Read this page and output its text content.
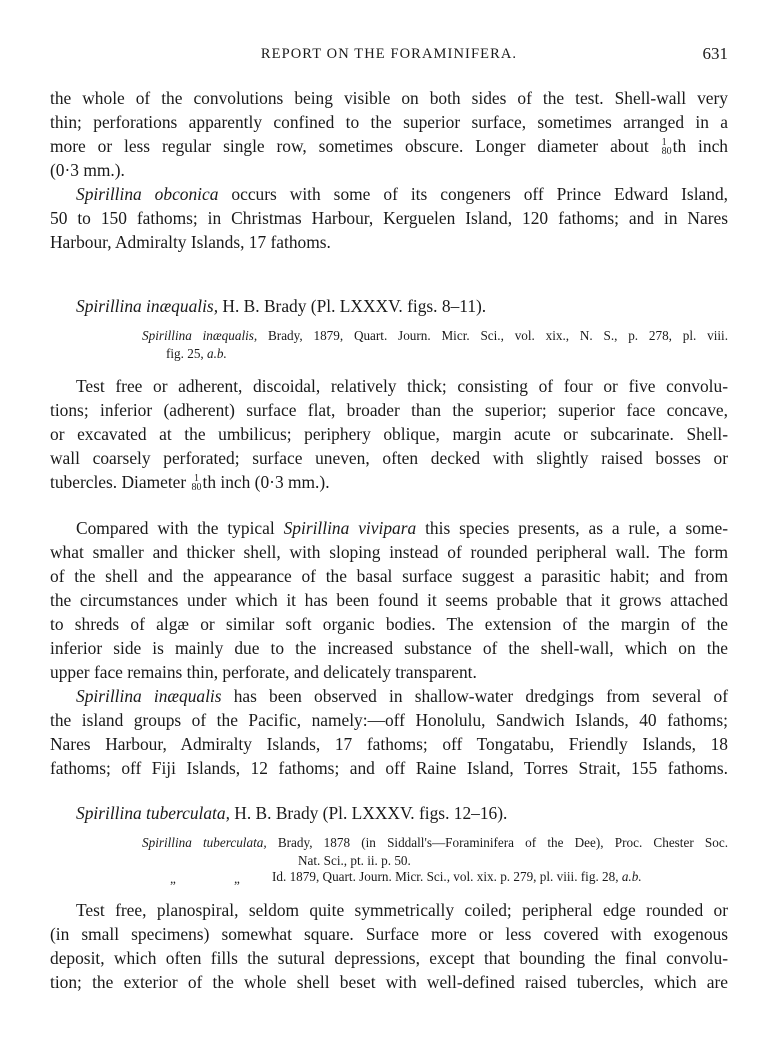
REPORT ON THE FORAMINIFERA.	631
the whole of the convolutions being visible on both sides of the test. Shell-wall very
thin; perforations apparently confined to the superior surface, sometimes arranged in a
more or less regular single row, sometimes obscure. Longer diameter about 1
80 th inch
(0·3 mm.).
Spirillina obconica occurs with some of its congeners off Prince Edward Island,
50 to 150 fathoms; in Christmas Harbour, Kerguelen Island, 120 fathoms; and in Nares
Harbour, Admiralty Islands, 17 fathoms.
Spirillina inæqualis, H. B. Brady (Pl. LXXXV. figs. 8–11).
Spirillina inæqualis, Brady, 1879, Quart. Journ. Micr. Sci., vol. xix., N. S., p. 278, pl. viii.
fig. 25, a.b.
Test free or adherent, discoidal, relatively thick; consisting of four or five convolu-
tions; inferior (adherent) surface flat, broader than the superior; superior face concave,
or excavated at the umbilicus; periphery oblique, margin acute or subcarinate. Shell-
wall coarsely perforated; surface uneven, often decked with slightly raised bosses or
tubercles. Diameter 1
80 th inch (0·3 mm.).
Compared with the typical Spirillina vivipara this species presents, as a rule, a some-
what smaller and thicker shell, with sloping instead of rounded peripheral wall. The form
of the shell and the appearance of the basal surface suggest a parasitic habit; and from
the circumstances under which it has been found it seems probable that it grows attached
to shreds of algæ or similar soft organic bodies. The extension of the margin of the
inferior side is mainly due to the increased substance of the shell-wall, which on the
upper face remains thin, perforate, and delicately transparent.
Spirillina inæqualis has been observed in shallow-water dredgings from several of
the island groups of the Pacific, namely:—off Honolulu, Sandwich Islands, 40 fathoms;
Nares Harbour, Admiralty Islands, 17 fathoms; off Tongatabu, Friendly Islands, 18
fathoms; off Fiji Islands, 12 fathoms; and off Raine Island, Torres Strait, 155 fathoms.
Spirillina tuberculata, H. B. Brady (Pl. LXXXV. figs. 12–16).
Spirillina tuberculata, Brady, 1878 (in Siddall's—Foraminifera of the Dee), Proc. Chester Soc.
Nat. Sci., pt. ii. p. 50.
„	„ Id. 1879, Quart. Journ. Micr. Sci., vol. xix. p. 279, pl. viii. fig. 28, a.b.
Test free, planospiral, seldom quite symmetrically coiled; peripheral edge rounded or
(in small specimens) somewhat square. Surface more or less covered with exogenous
deposit, which often fills the sutural depressions, except that bounding the final convolu-
tion; the exterior of the whole shell beset with well-defined raised tubercles, which are
